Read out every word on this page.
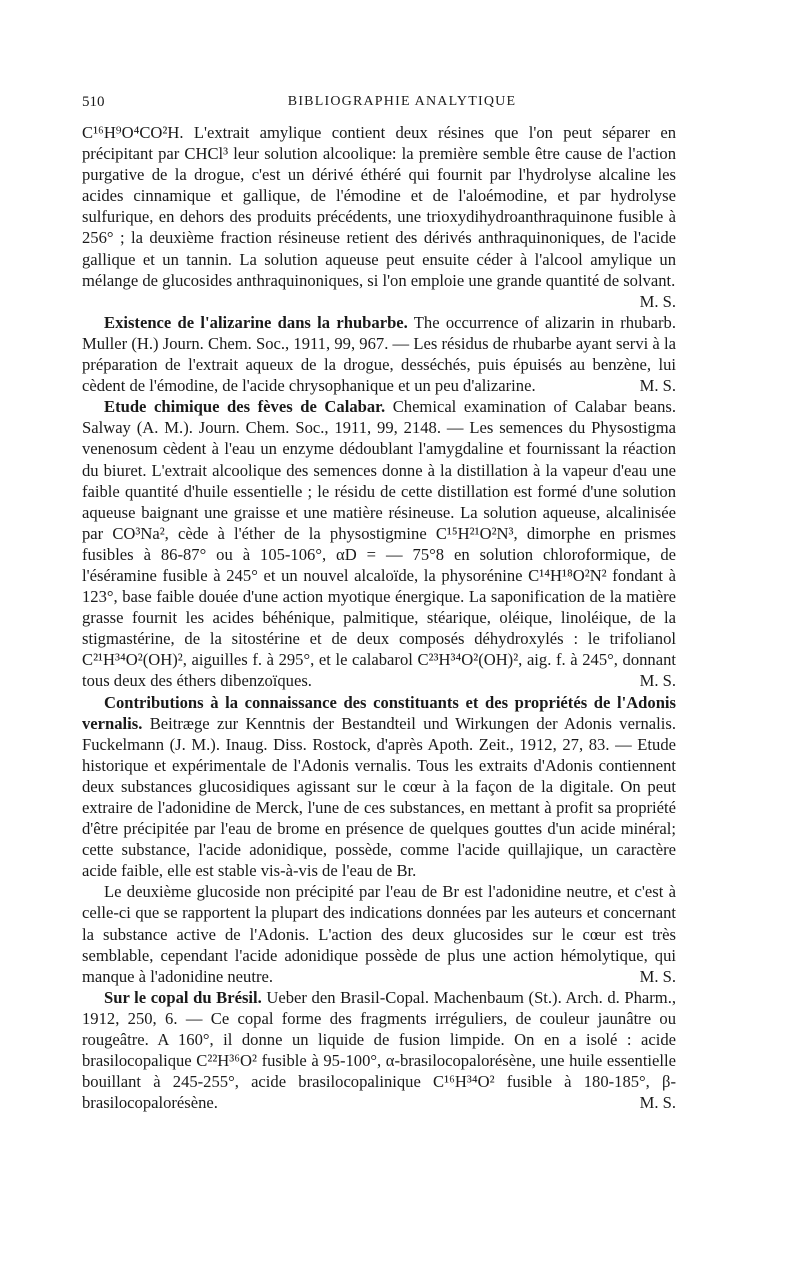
510	BIBLIOGRAPHIE ANALYTIQUE

C¹⁶H⁹O⁴CO²H. L'extrait amylique contient deux résines que l'on peut séparer en précipitant par CHCl³ leur solution alcoolique: la première semble être cause de l'action purgative de la drogue, c'est un dérivé éthéré qui fournit par l'hydrolyse alcaline les acides cinnamique et gallique, de l'émodine et de l'aloémodine, et par hydrolyse sulfurique, en dehors des produits précédents, une trioxydihydroanthraquinone fusible à 256° ; la deuxième fraction résineuse retient des dérivés anthraquinoniques, de l'acide gallique et un tannin. La solution aqueuse peut ensuite céder à l'alcool amylique un mélange de glucosides anthraquinoniques, si l'on emploie une grande quantité de solvant.

M. S.

Existence de l'alizarine dans la rhubarbe. The occurrence of alizarin in rhubarb. Muller (H.) Journ. Chem. Soc., 1911, 99, 967. — Les résidus de rhubarbe ayant servi à la préparation de l'extrait aqueux de la drogue, desséchés, puis épuisés au benzène, lui cèdent de l'émodine, de l'acide chrysophanique et un peu d'alizarine.	M. S.

Etude chimique des fèves de Calabar. Chemical examination of Calabar beans. Salway (A. M.). Journ. Chem. Soc., 1911, 99, 2148. — Les semences du Physostigma venenosum cèdent à l'eau un enzyme dédoublant l'amygdaline et fournissant la réaction du biuret. L'extrait alcoolique des semences donne à la distillation à la vapeur d'eau une faible quantité d'huile essentielle ; le résidu de cette distillation est formé d'une solution aqueuse baignant une graisse et une matière résineuse. La solution aqueuse, alcalinisée par CO³Na², cède à l'éther de la physostigmine C¹⁵H²¹O²N³, dimorphe en prismes fusibles à 86-87° ou à 105-106°, αD = — 75°8 en solution chloroformique, de l'éséramine fusible à 245° et un nouvel alcaloïde, la physorénine C¹⁴H¹⁸O²N² fondant à 123°, base faible douée d'une action myotique énergique. La saponification de la matière grasse fournit les acides béhénique, palmitique, stéarique, oléique, linoléique, de la stigmastérine, de la sitostérine et de deux composés déhydroxylés : le trifolianol C²¹H³⁴O²(OH)², aiguilles f. à 295°, et le calabarol C²³H³⁴O²(OH)², aig. f. à 245°, donnant tous deux des éthers dibenzoïques.	M. S.

Contributions à la connaissance des constituants et des propriétés de l'Adonis vernalis. Beitræge zur Kenntnis der Bestandteil und Wirkungen der Adonis vernalis. Fuckelmann (J. M.). Inaug. Diss. Rostock, d'après Apoth. Zeit., 1912, 27, 83. — Etude historique et expérimentale de l'Adonis vernalis. Tous les extraits d'Adonis contiennent deux substances glucosidiques agissant sur le cœur à la façon de la digitale. On peut extraire de l'adonidine de Merck, l'une de ces substances, en mettant à profit sa propriété d'être précipitée par l'eau de brome en présence de quelques gouttes d'un acide minéral; cette substance, l'acide adonidique, possède, comme l'acide quillajique, un caractère acide faible, elle est stable vis-à-vis de l'eau de Br.

Le deuxième glucoside non précipité par l'eau de Br est l'adonidine neutre, et c'est à celle-ci que se rapportent la plupart des indications données par les auteurs et concernant la substance active de l'Adonis. L'action des deux glucosides sur le cœur est très semblable, cependant l'acide adonidique possède de plus une action hémolytique, qui manque à l'adonidine neutre.	M. S.

Sur le copal du Brésil. Ueber den Brasil-Copal. Machenbaum (St.). Arch. d. Pharm., 1912, 250, 6. — Ce copal forme des fragments irréguliers, de couleur jaunâtre ou rougeâtre. A 160°, il donne un liquide de fusion limpide. On en a isolé : acide brasilocopalique C²²H³⁶O² fusible à 95-100°, α-brasilocopalorésène, une huile essentielle bouillant à 245-255°, acide brasilocopalinique C¹⁶H³⁴O² fusible à 180-185°, β-brasilocopalorésène.	M. S.
